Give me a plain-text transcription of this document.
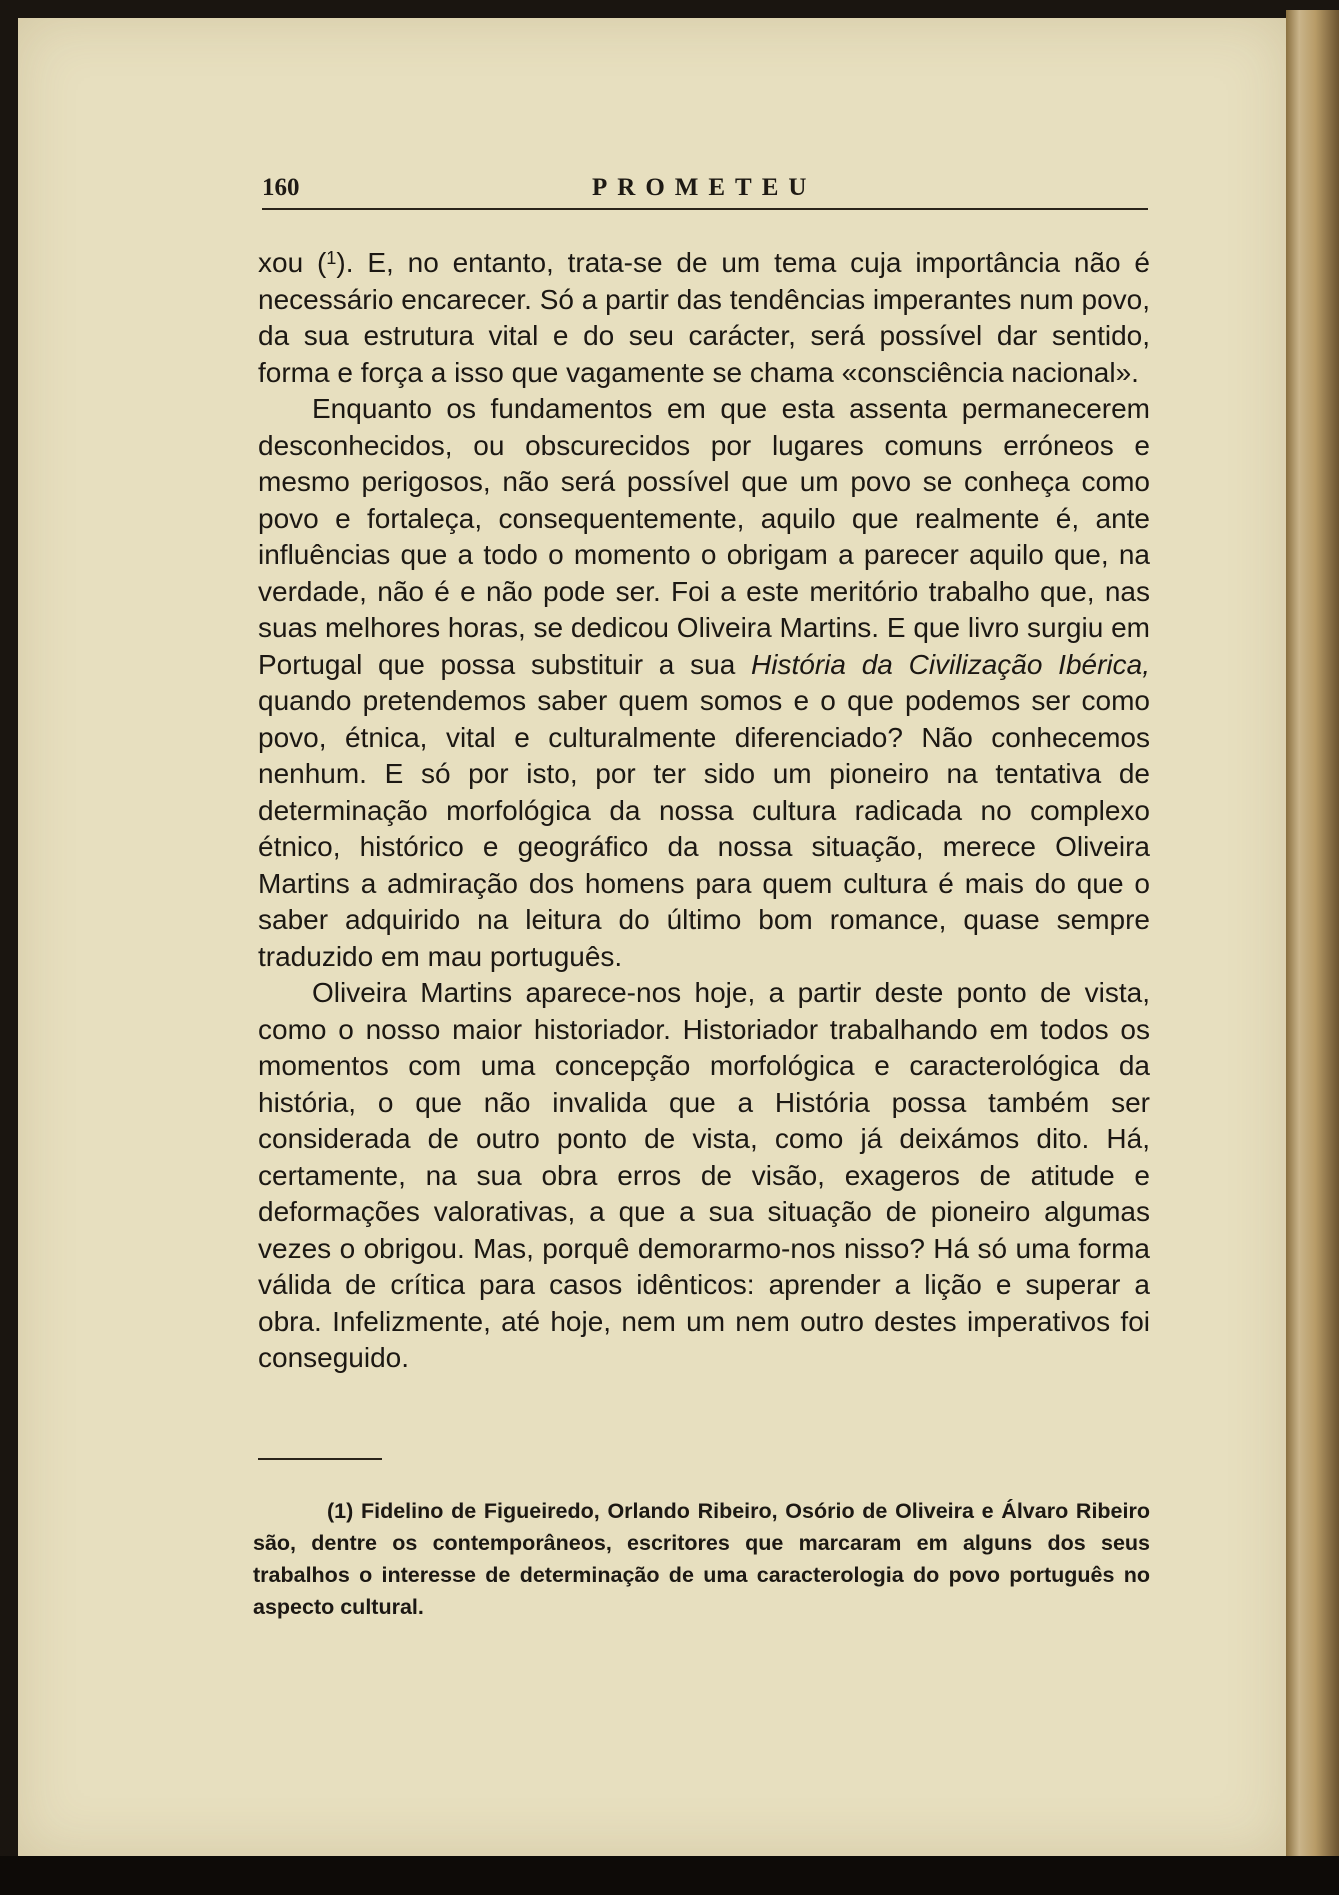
160	PROMETEU

xou ($^1$). E, no entanto, trata-se de um tema cuja importância não é necessário encarecer. Só a partir das tendências imperantes num povo, da sua estrutura vital e do seu carácter, será possível dar sentido, forma e força a isso que vagamente se chama «consciência nacional».

Enquanto os fundamentos em que esta assenta permanecerem desconhecidos, ou obscurecidos por lugares comuns erróneos e mesmo perigosos, não será possível que um povo se conheça como povo e fortaleça, consequentemente, aquilo que realmente é, ante influências que a todo o momento o obrigam a parecer aquilo que, na verdade, não é e não pode ser. Foi a este meritório trabalho que, nas suas melhores horas, se dedicou Oliveira Martins. E que livro surgiu em Portugal que possa substituir a sua História da Civilização Ibérica, quando pretendemos saber quem somos e o que podemos ser como povo, étnica, vital e culturalmente diferenciado? Não conhecemos nenhum. E só por isto, por ter sido um pioneiro na tentativa de determinação morfológica da nossa cultura radicada no complexo étnico, histórico e geográfico da nossa situação, merece Oliveira Martins a admiração dos homens para quem cultura é mais do que o saber adquirido na leitura do último bom romance, quase sempre traduzido em mau português.

Oliveira Martins aparece-nos hoje, a partir deste ponto de vista, como o nosso maior historiador. Historiador trabalhando em todos os momentos com uma concepção morfológica e caracterológica da história, o que não invalida que a História possa também ser considerada de outro ponto de vista, como já deixámos dito. Há, certamente, na sua obra erros de visão, exageros de atitude e deformações valorativas, a que a sua situação de pioneiro algumas vezes o obrigou. Mas, porquê demorarmo-nos nisso? Há só uma forma válida de crítica para casos idênticos: aprender a lição e superar a obra. Infelizmente, até hoje, nem um nem outro destes imperativos foi conseguido.

(1) Fidelino de Figueiredo, Orlando Ribeiro, Osório de Oliveira e Álvaro Ribeiro são, dentre os contemporâneos, escritores que marcaram em alguns dos seus trabalhos o interesse de determinação de uma caracterologia do povo português no aspecto cultural.
